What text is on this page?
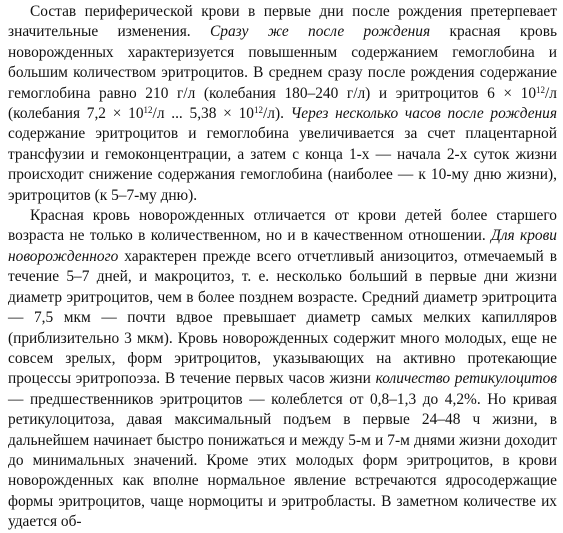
Состав периферической крови в первые дни после рождения претерпевает значительные изменения. Сразу же после рождения красная кровь новорожденных характеризуется повышенным содержанием гемоглобина и большим количеством эритроцитов. В среднем сразу после рождения содержание гемоглобина равно 210 г/л (колебания 180–240 г/л) и эритроцитов $6 \times 10^{12}/л$ (колебания $7,2 \times 10^{12}/л$ ... $5,38 \times 10^{12}/л$). Через несколько часов после рождения содержание эритроцитов и гемоглобина увеличивается за счет плацентарной трансфузии и гемоконцентрации, а затем с конца 1-х — начала 2-х суток жизни происходит снижение содержания гемоглобина (наиболее — к 10-му дню жизни), эритроцитов (к 5–7-му дню).

Красная кровь новорожденных отличается от крови детей более старшего возраста не только в количественном, но и в качественном отношении. Для крови новорожденного характерен прежде всего отчетливый анизоцитоз, отмечаемый в течение 5–7 дней, и макроцитоз, т. е. несколько больший в первые дни жизни диаметр эритроцитов, чем в более позднем возрасте. Средний диаметр эритроцита — 7,5 мкм — почти вдвое превышает диаметр самых мелких капилляров (приблизительно 3 мкм). Кровь новорожденных содержит много молодых, еще не совсем зрелых, форм эритроцитов, указывающих на активно протекающие процессы эритропоэза. В течение первых часов жизни количество ретикулоцитов — предшественников эритроцитов — колеблется от 0,8–1,3 до 4,2%. Но кривая ретикулоцитоза, давая максимальный подъем в первые 24–48 ч жизни, в дальнейшем начинает быстро понижаться и между 5-м и 7-м днями жизни доходит до минимальных значений. Кроме этих молодых форм эритроцитов, в крови новорожденных как вполне нормальное явление встречаются ядросодержащие формы эритроцитов, чаще нормоциты и эритробласты. В заметном количестве их удается об-
